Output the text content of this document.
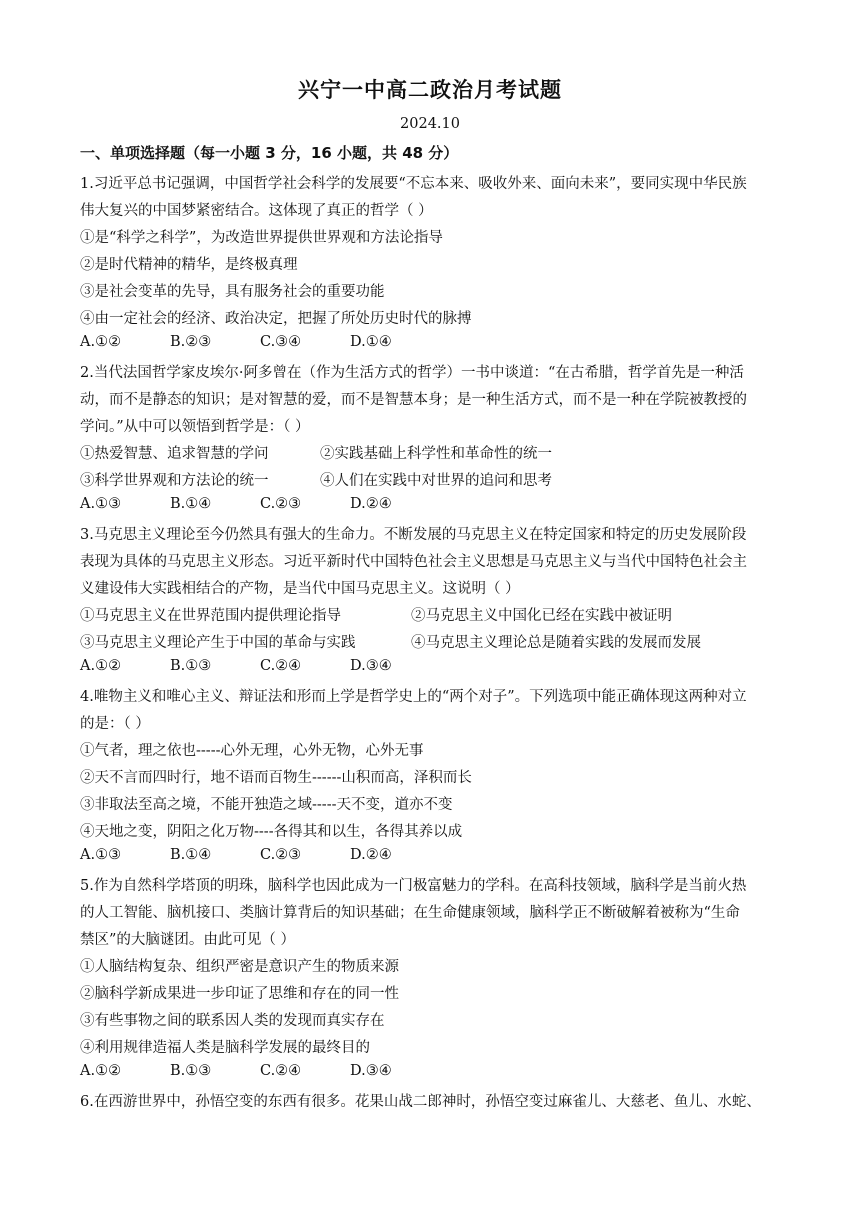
兴宁一中高二政治月考试题
2024.10
一、单项选择题（每一小题 3 分，16 小题，共 48 分）
1.习近平总书记强调，中国哲学社会科学的发展要“不忘本来、吸收外来、面向未来”，要同实现中华民族
伟大复兴的中国梦紧密结合。这体现了真正的哲学（ ）
①是“科学之科学”，为改造世界提供世界观和方法论指导
②是时代精神的精华，是终极真理
③是社会变革的先导，具有服务社会的重要功能
④由一定社会的经济、政治决定，把握了所处历史时代的脉搏
A.①②	B.②③	C.③④	D.①④
2.当代法国哲学家皮埃尔·阿多曾在（作为生活方式的哲学）一书中谈道：“在古希腊，哲学首先是一种活
动，而不是静态的知识；是对智慧的爱，而不是智慧本身；是一种生活方式，而不是一种在学院被教授的
学问。”从中可以领悟到哲学是：（ ）
①热爱智慧、追求智慧的学问	②实践基础上科学性和革命性的统一
③科学世界观和方法论的统一	④人们在实践中对世界的追问和思考
A.①③	B.①④	C.②③	D.②④
3.马克思主义理论至今仍然具有强大的生命力。不断发展的马克思主义在特定国家和特定的历史发展阶段
表现为具体的马克思主义形态。习近平新时代中国特色社会主义思想是马克思主义与当代中国特色社会主
义建设伟大实践相结合的产物，是当代中国马克思主义。这说明（ ）
①马克思主义在世界范围内提供理论指导	②马克思主义中国化已经在实践中被证明
③马克思主义理论产生于中国的革命与实践	④马克思主义理论总是随着实践的发展而发展
A.①②	B.①③	C.②④	D.③④
4.唯物主义和唯心主义、辩证法和形而上学是哲学史上的“两个对子”。下列选项中能正确体现这两种对立
的是：（ ）
①气者，理之依也-----心外无理，心外无物，心外无事
②天不言而四时行，地不语而百物生------山积而高，泽积而长
③非取法至高之境，不能开独造之域-----天不变，道亦不变
④天地之变，阴阳之化万物----各得其和以生，各得其养以成
A.①③	B.①④	C.②③	D.②④
5.作为自然科学塔顶的明珠，脑科学也因此成为一门极富魅力的学科。在高科技领域，脑科学是当前火热
的人工智能、脑机接口、类脑计算背后的知识基础；在生命健康领域，脑科学正不断破解着被称为“生命
禁区”的大脑谜团。由此可见（ ）
①人脑结构复杂、组织严密是意识产生的物质来源
②脑科学新成果进一步印证了思维和存在的同一性
③有些事物之间的联系因人类的发现而真实存在
④利用规律造福人类是脑科学发展的最终目的
A.①②	B.①③	C.②④	D.③④
6.在西游世界中，孙悟空变的东西有很多。花果山战二郎神时，孙悟空变过麻雀儿、大慈老、鱼儿、水蛇、
